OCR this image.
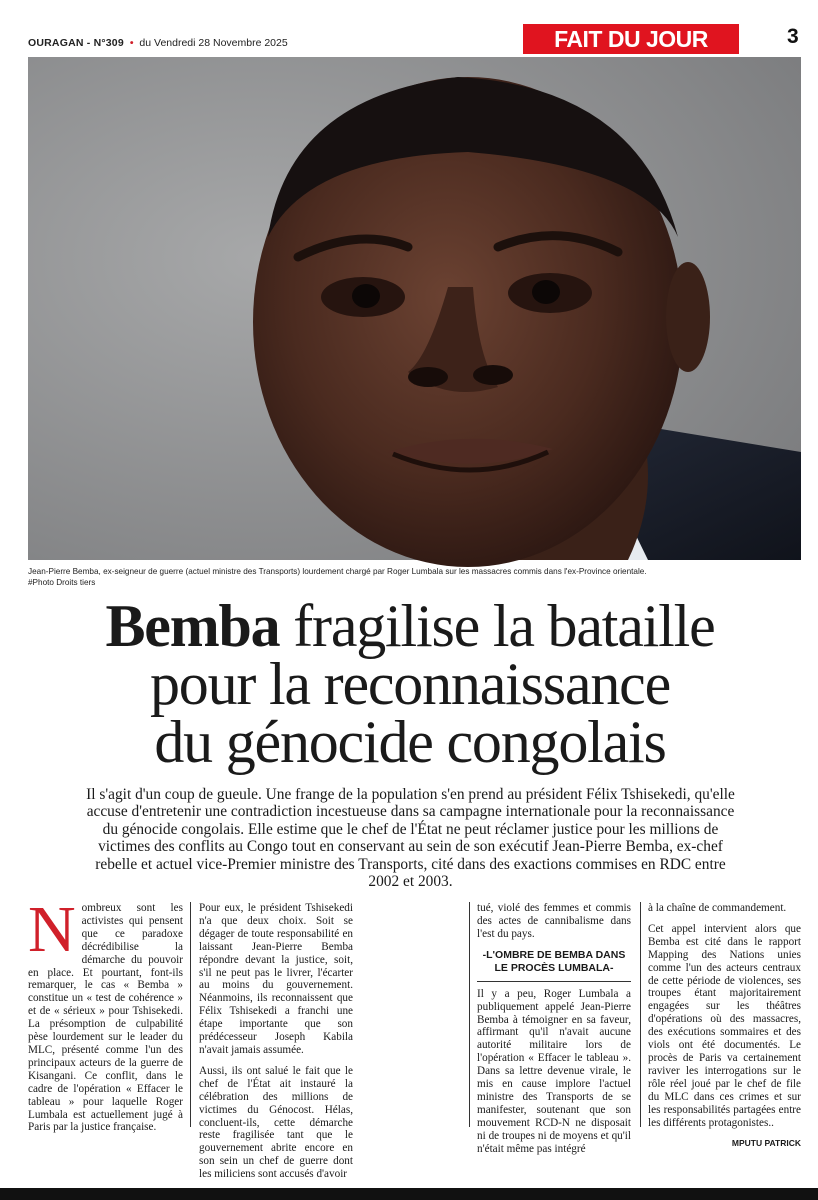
OURAGAN - N°309 • du Vendredi 28 Novembre 2025	FAIT DU JOUR	3
Jean-Pierre Bemba, ex-seigneur de guerre (actuel ministre des Transports) lourdement chargé par Roger Lumbala sur les massacres commis dans l'ex-Province orientale. #Photo Droits tiers
Bemba fragilise la bataille
pour la reconnaissance
du génocide congolais

Il s'agit d'un coup de gueule. Une frange de la population s'en prend au président Félix Tshisekedi, qu'elle accuse d'entretenir une contradiction incestueuse dans sa campagne internationale pour la reconnaissance du génocide congolais. Elle estime que le chef de l'État ne peut réclamer justice pour les millions de victimes des conflits au Congo tout en conservant au sein de son exécutif Jean-Pierre Bemba, ex-chef rebelle et actuel vice-Premier ministre des Transports, cité dans des exactions commises en RDC entre 2002 et 2003.

Nombreux sont les activistes qui pensent que ce paradoxe décrédibilise la démarche du pouvoir en place. Et pourtant, font-ils remarquer, le cas « Bemba » constitue un « test de cohérence » et de « sérieux » pour Tshisekedi. La présomption de culpabilité pèse lourdement sur le leader du MLC, présenté comme l'un des principaux acteurs de la guerre de Kisangani. Ce conflit, dans le cadre de l'opération « Effacer le tableau » pour laquelle Roger Lumbala est actuellement jugé à Paris par la justice française.

Pour eux, le président Tshisekedi n'a que deux choix. Soit se dégager de toute responsabilité en laissant Jean-Pierre Bemba répondre devant la justice, soit, s'il ne peut pas le livrer, l'écarter au moins du gouvernement. Néanmoins, ils reconnaissent que Félix Tshisekedi a franchi une étape importante que son prédécesseur Joseph Kabila n'avait jamais assumée.

Aussi, ils ont salué le fait que le chef de l'État ait instauré la célébration des millions de victimes du Génocost. Hélas, concluent-ils, cette démarche reste fragilisée tant que le gouvernement abrite encore en son sein un chef de guerre dont les miliciens sont accusés d'avoir

tué, violé des femmes et commis des actes de cannibalisme dans l'est du pays.

-L'OMBRE DE BEMBA DANS LE PROCÈS LUMBALA-

Il y a peu, Roger Lumbala a publiquement appelé Jean-Pierre Bemba à témoigner en sa faveur, affirmant qu'il n'avait aucune autorité militaire lors de l'opération « Effacer le tableau ». Dans sa lettre devenue virale, le mis en cause implore l'actuel ministre des Transports de se manifester, soutenant que son mouvement RCD-N ne disposait ni de troupes ni de moyens et qu'il n'était même pas intégré

à la chaîne de commandement.

Cet appel intervient alors que Bemba est cité dans le rapport Mapping des Nations unies comme l'un des acteurs centraux de cette période de violences, ses troupes étant majoritairement engagées sur les théâtres d'opérations où des massacres, des exécutions sommaires et des viols ont été documentés. Le procès de Paris va certainement raviver les interrogations sur le rôle réel joué par le chef de file du MLC dans ces crimes et sur les responsabilités partagées entre les différents protagonistes..

MPUTU PATRICK
